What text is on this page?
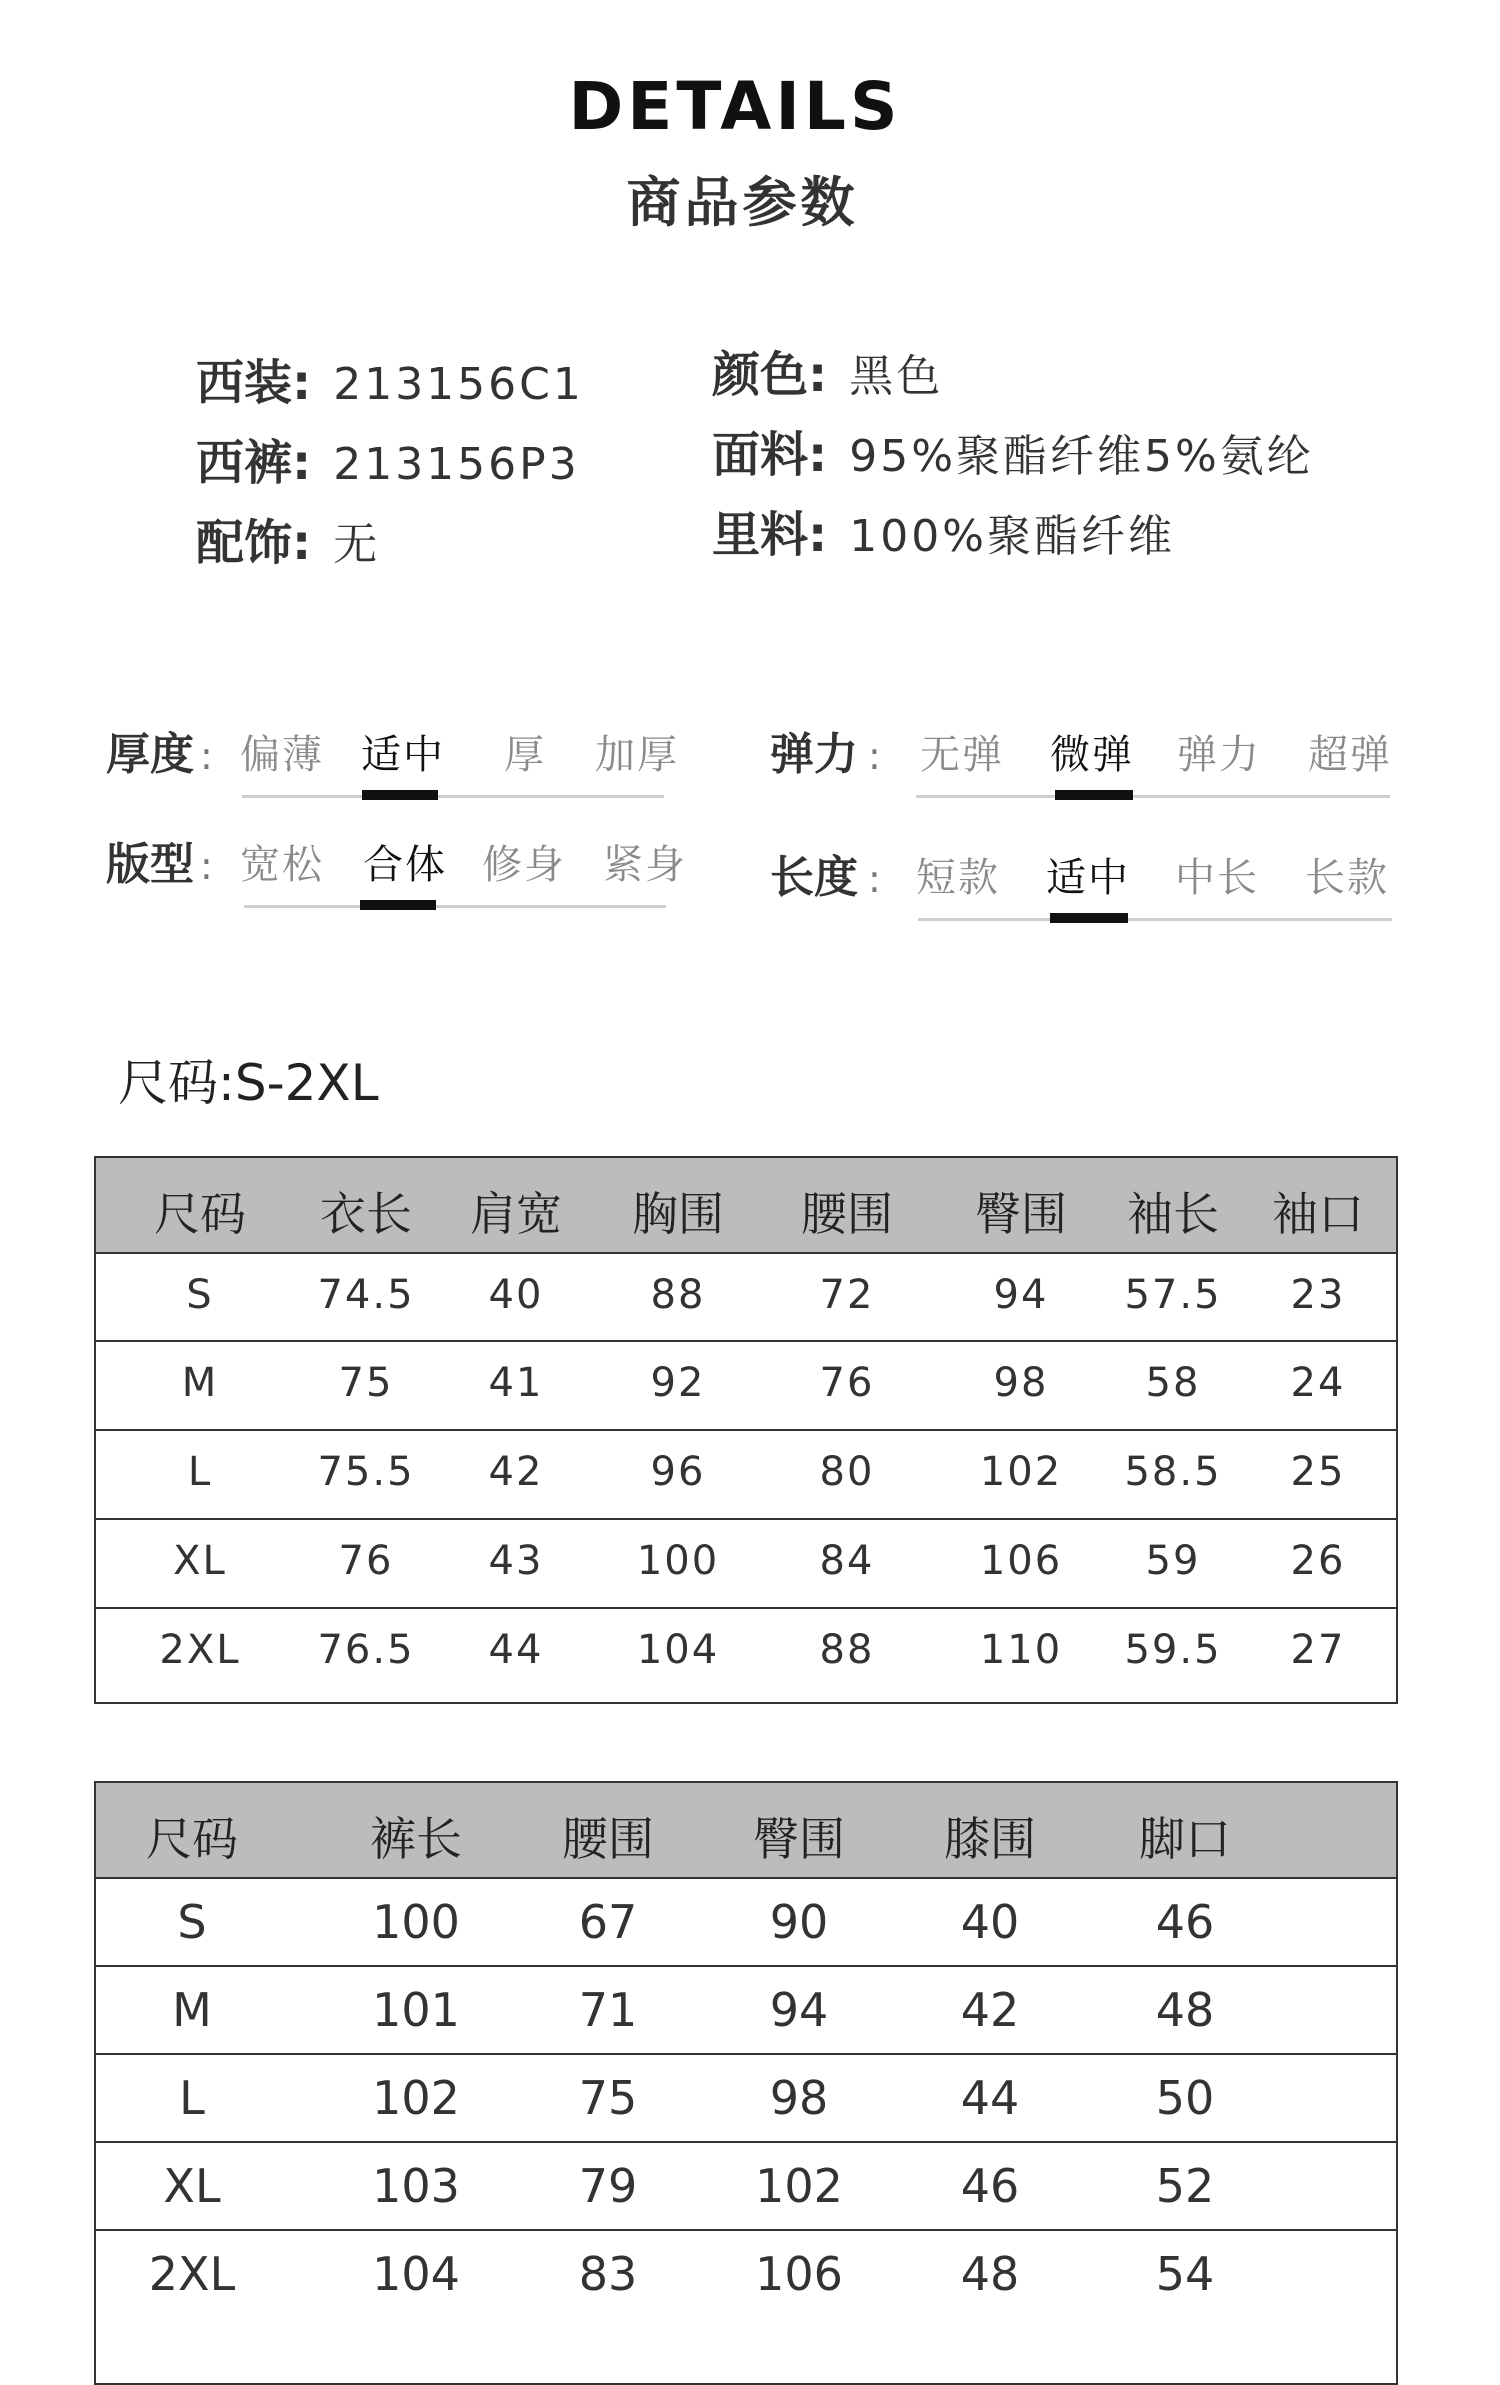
DETAILS
商品参数
西装: 213156C1
西裤: 213156P3
配饰: 无
颜色: 黑色
面料: 95%聚酯纤维5%氨纶
里料: 100%聚酯纤维
厚度 : 偏薄 适中 厚 加厚
版型 : 宽松 合体 修身 紧身
弹力 : 无弹 微弹 弹力 超弹
长度 : 短款 适中 中长 长款
尺码:S-2XL
尺码 衣长 肩宽 胸围 腰围 臀围 袖长 袖口
S	74.5 40	88	72	94 57.5 23
M	75 41	92	76	98 58 24
L	75.5 42	96	80	102 58.5 25
XL	76 43 100	84	106 59 26
2XL 76.5 44 104	88	110 59.5 27
尺码	裤长 腰围 臀围 膝围 脚口
S	100	67	90	40	46
M	101	71	94	42	48
L	102	75	98	44	50
XL	103	79	102	46	52
2XL	104	83	106	48	54
